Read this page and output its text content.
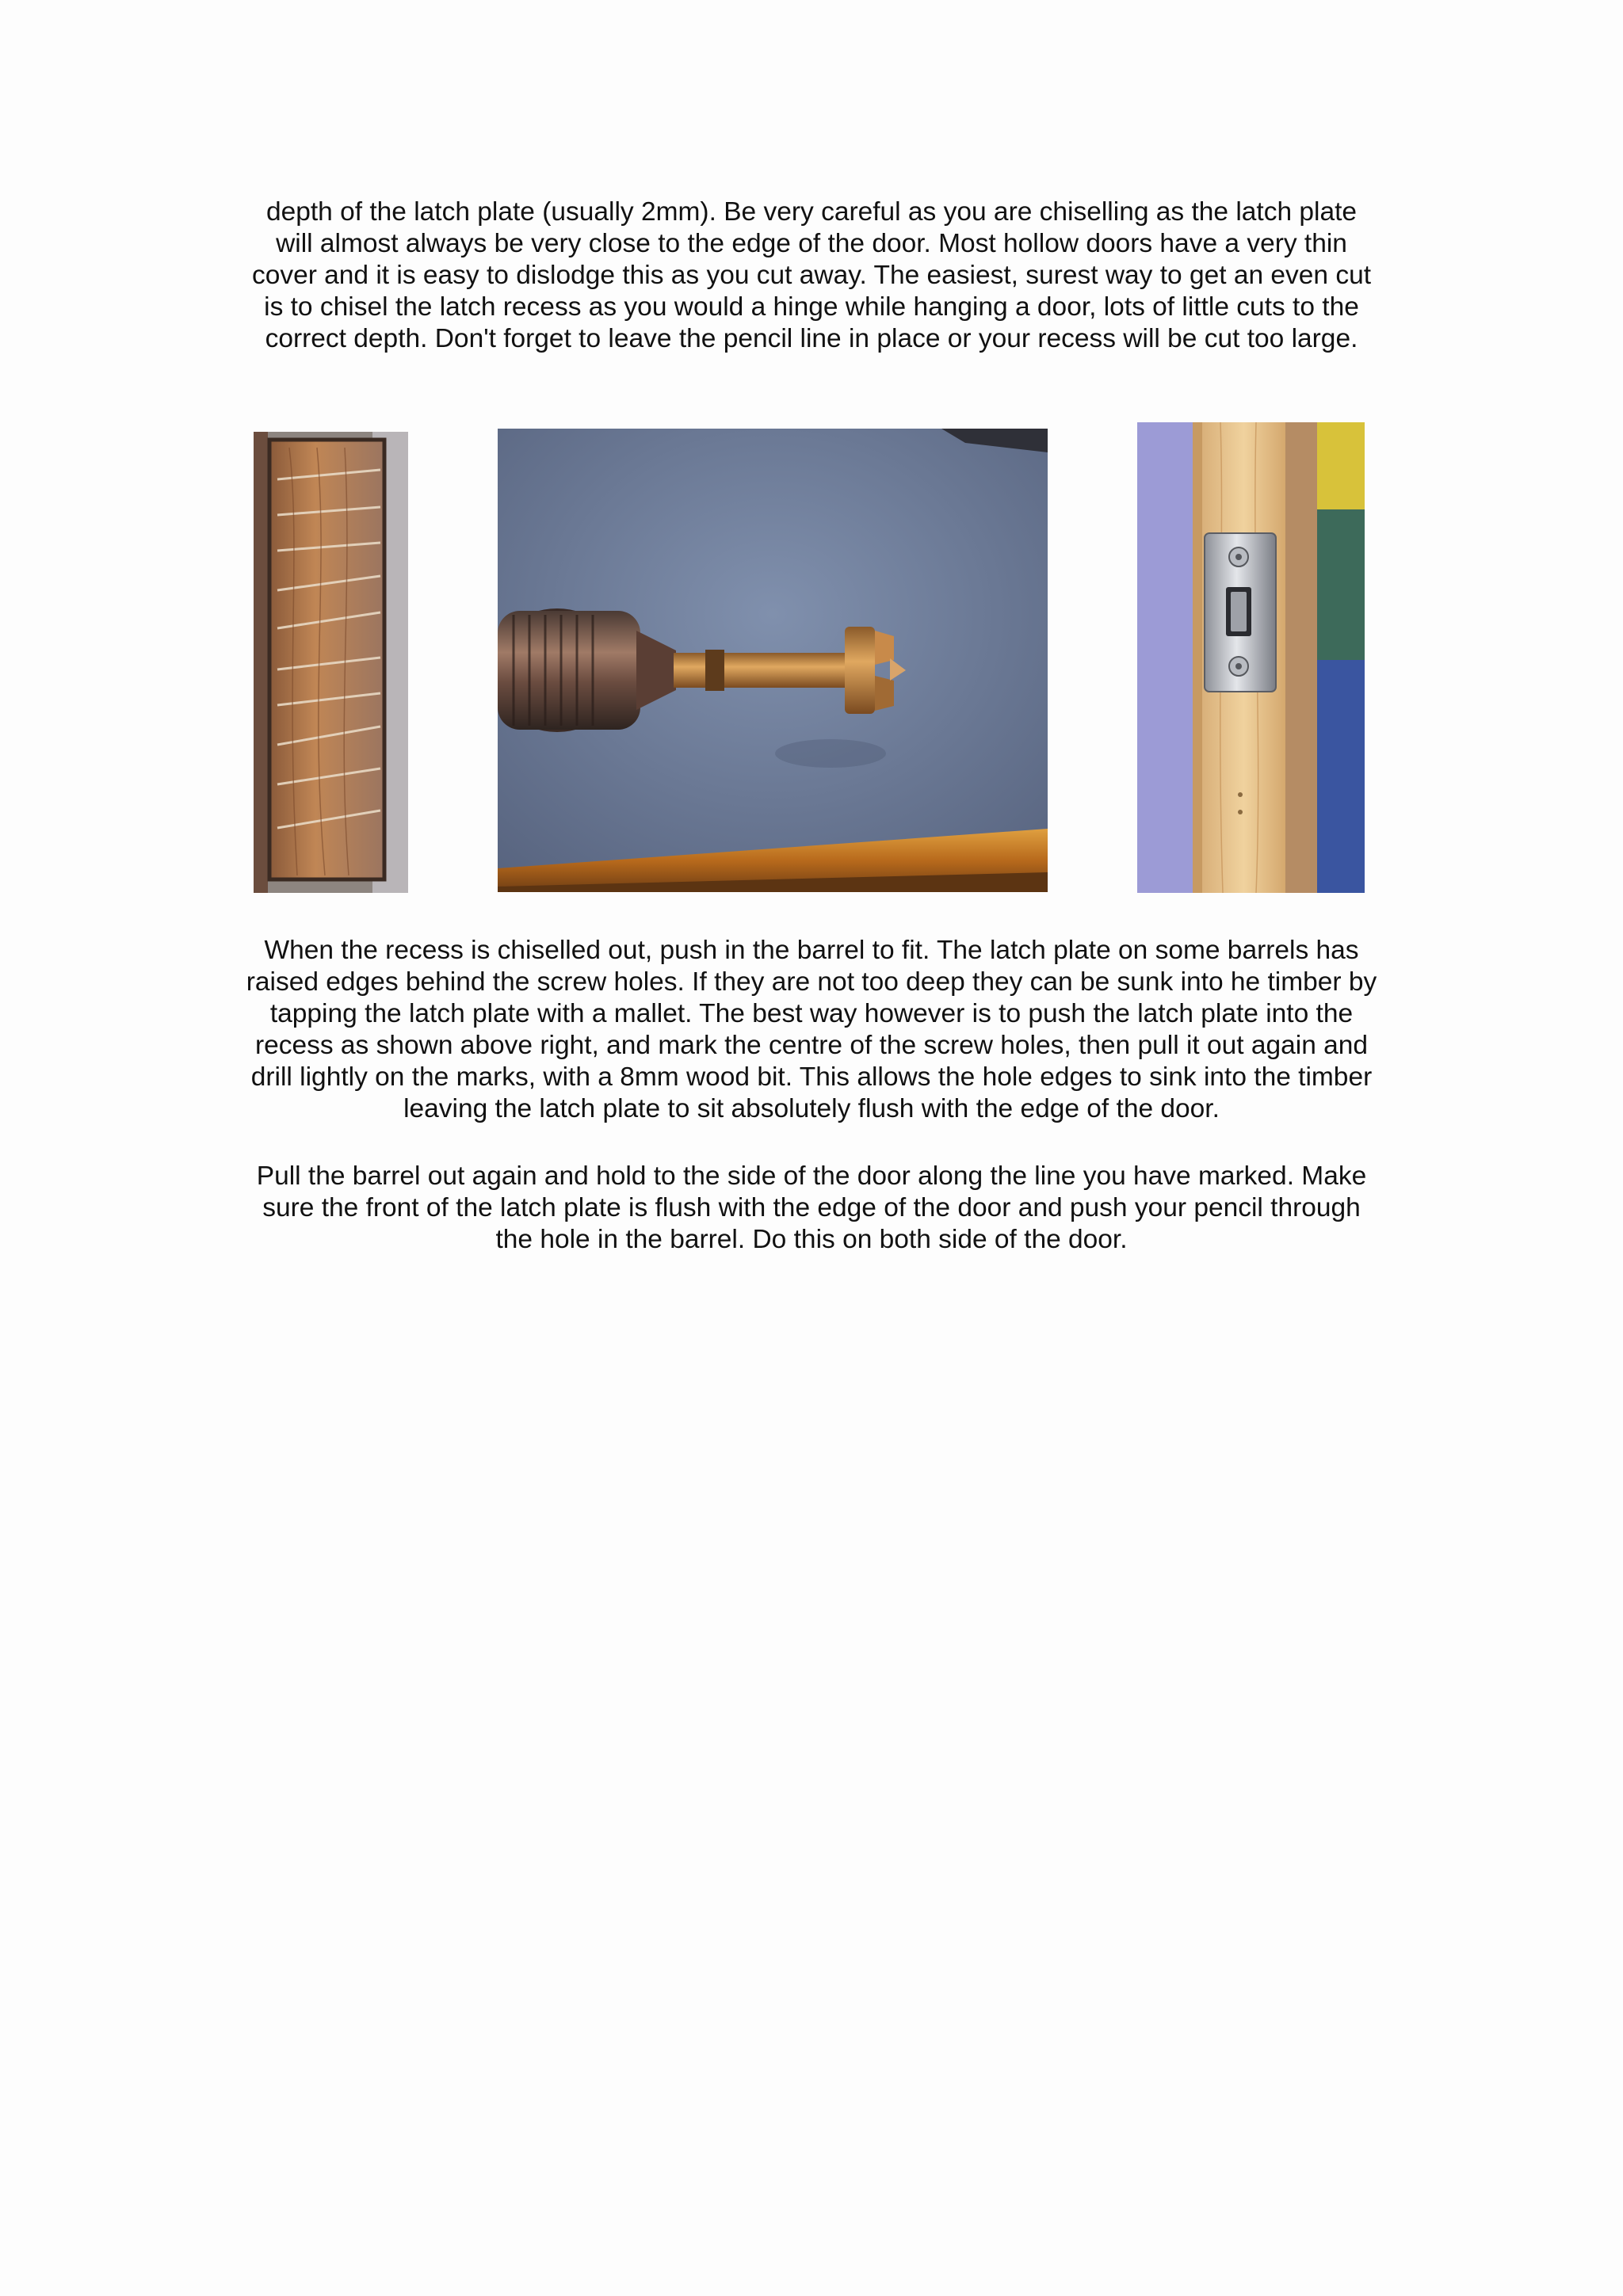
depth of the latch plate (usually 2mm). Be very careful as you are chiselling as the latch plate will almost always be very close to the edge of the door. Most hollow doors have a very thin cover and it is easy to dislodge this as you cut away. The easiest, surest way to get an even cut is to chisel the latch recess as you would a hinge while hanging a door, lots of little cuts to the correct depth. Don't forget to leave the pencil line in place or your recess will be cut too large.

When the recess is chiselled out, push in the barrel to fit. The latch plate on some barrels has raised edges behind the screw holes. If they are not too deep they can be sunk into he timber by tapping the latch plate with a mallet. The best way however is to push the latch plate into the recess as shown above right, and mark the centre of the screw holes, then pull it out again and drill lightly on the marks, with a 8mm wood bit. This allows the hole edges to sink into the timber leaving the latch plate to sit absolutely flush with the edge of the door.

Pull the barrel out again and hold to the side of the door along the line you have marked. Make sure the front of the latch plate is flush with the edge of the door and push your pencil through the hole in the barrel. Do this on both side of the door.
